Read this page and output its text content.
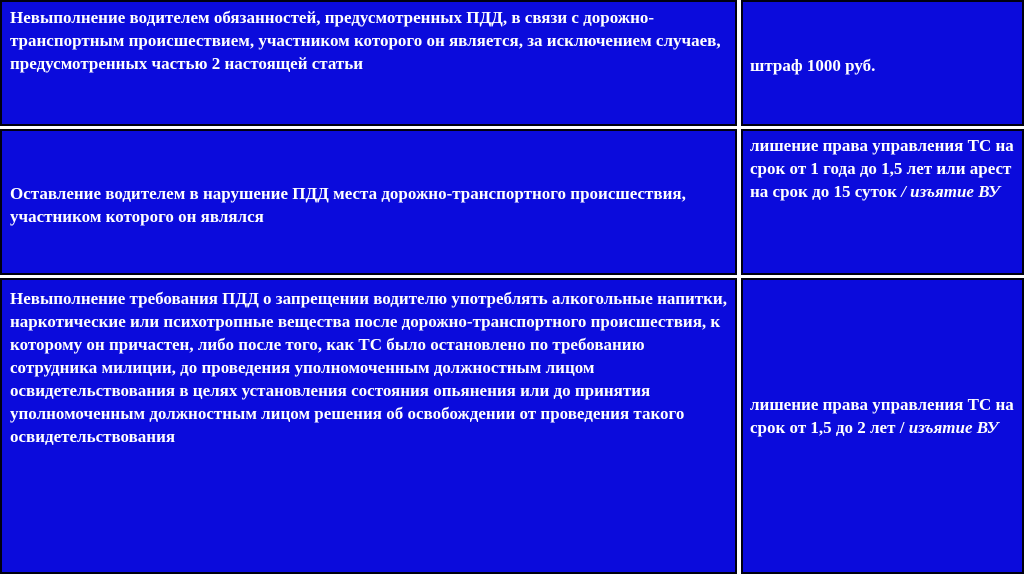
Невыполнение водителем обязанностей, предусмотренных ПДД, в связи с дорожно-транспортным происшествием, участником которого он является, за исключением случаев, предусмотренных частью 2 настоящей статьи	штраф 1000 руб.
Оставление водителем в нарушение ПДД места дорожно-транспортного происшествия, участником которого он являлся
лишение права управления ТС на срок от 1 года до 1,5 лет или арест на срок до 15 суток / изъятие ВУ
Невыполнение требования ПДД о запрещении водителю употреблять алкогольные напитки, наркотические или психотропные вещества после дорожно-транспортного происшествия, к которому он причастен, либо после того, как ТС было остановлено по требованию сотрудника милиции, до проведения уполномоченным должностным лицом освидетельствования в целях установления состояния опьянения или до принятия уполномоченным должностным лицом решения об освобождении от проведения такого освидетельствования
лишение права управления ТС на срок от 1,5 до 2 лет / изъятие ВУ
